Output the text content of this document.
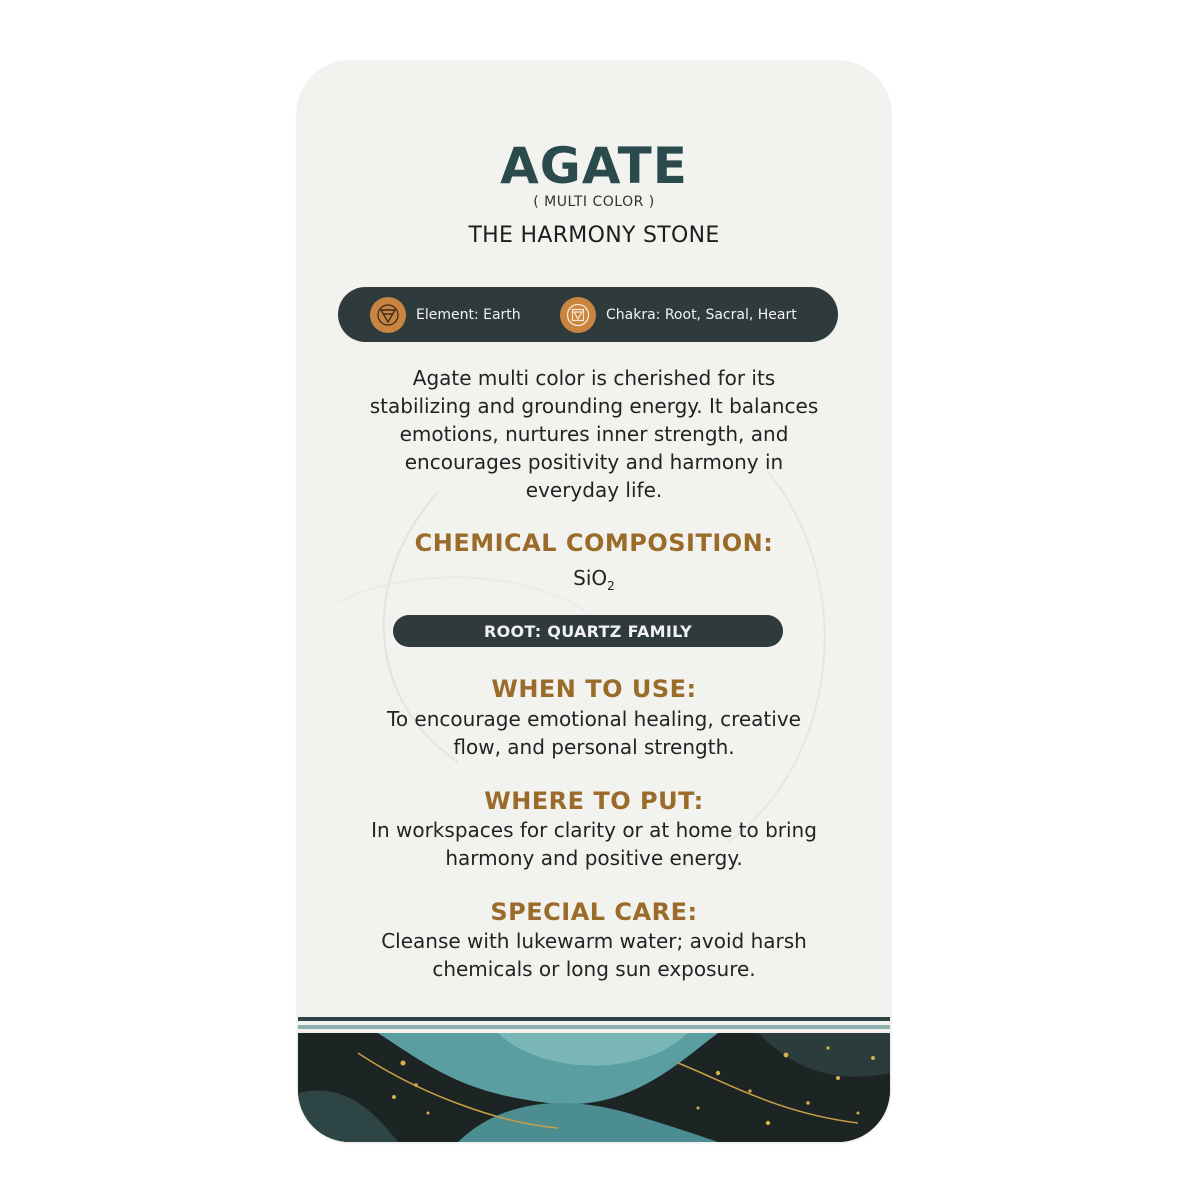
AGATE
( MULTI COLOR )
THE HARMONY STONE
Element: Earth	Chakra: Root, Sacral, Heart
Agate multi color is cherished for its
stabilizing and grounding energy. It balances
emotions, nurtures inner strength, and
encourages positivity and harmony in
everyday life.
CHEMICAL COMPOSITION:
SiO$_2$
ROOT: QUARTZ FAMILY
WHEN TO USE:
To encourage emotional healing, creative
flow, and personal strength.
WHERE TO PUT:
In workspaces for clarity or at home to bring
harmony and positive energy.
SPECIAL CARE:
Cleanse with lukewarm water; avoid harsh
chemicals or long sun exposure.
